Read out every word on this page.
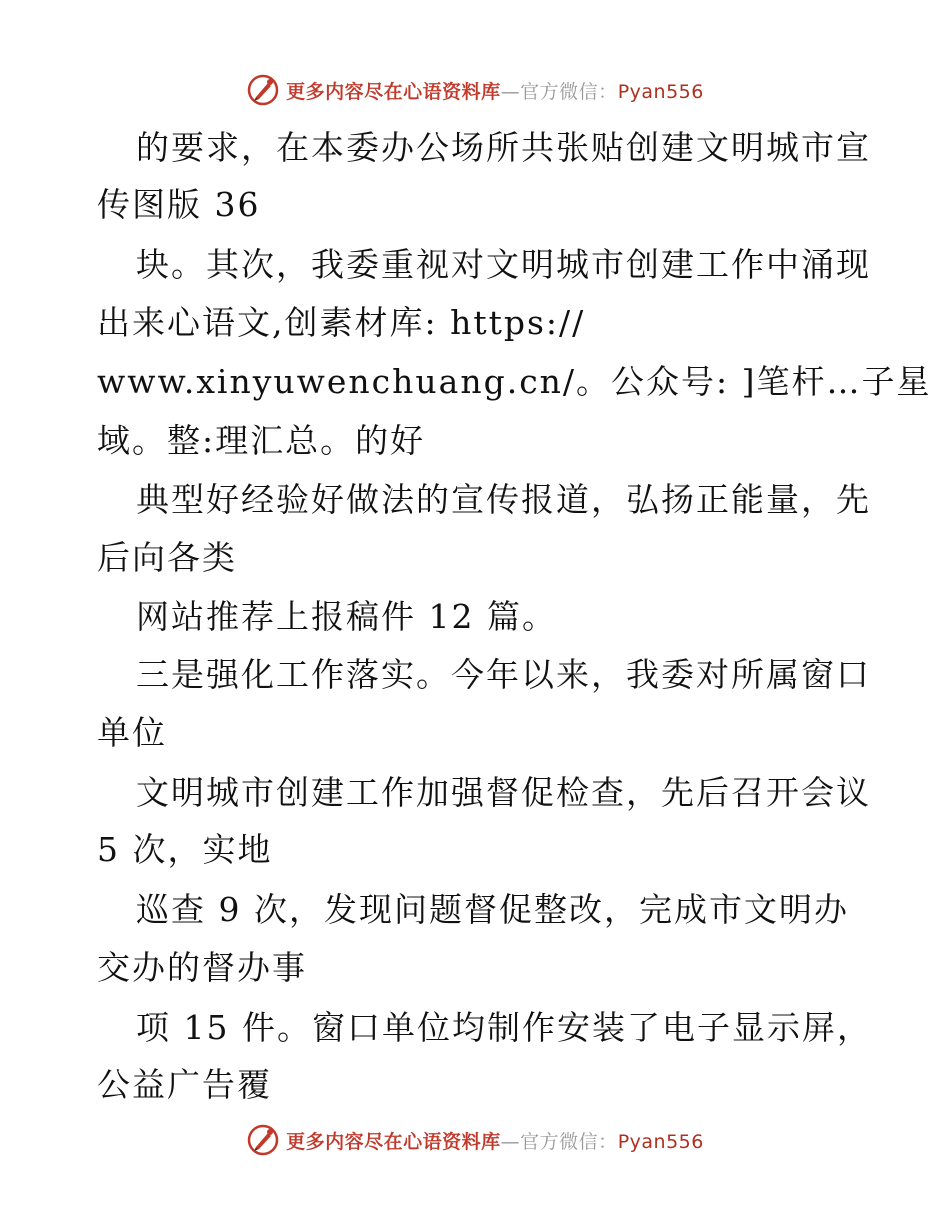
更多内容尽在心语资料库—官方微信：Pyan556
的要求，在本委办公场所共张贴创建文明城市宣
传图版 36
块。其次，我委重视对文明城市创建工作中涌现
出来心语文,创素材库: https://
www.xinyuwenchuang.cn/。公众号: ]笔杆…子星
域。整:理汇总。的好
典型好经验好做法的宣传报道，弘扬正能量，先
后向各类
网站推荐上报稿件 12 篇。
三是强化工作落实。今年以来，我委对所属窗口
单位
文明城市创建工作加强督促检查，先后召开会议
5 次，实地
巡查 9 次，发现问题督促整改，完成市文明办
交办的督办事
项 15 件。窗口单位均制作安装了电子显示屏，
公益广告覆
更多内容尽在心语资料库—官方微信：Pyan556
